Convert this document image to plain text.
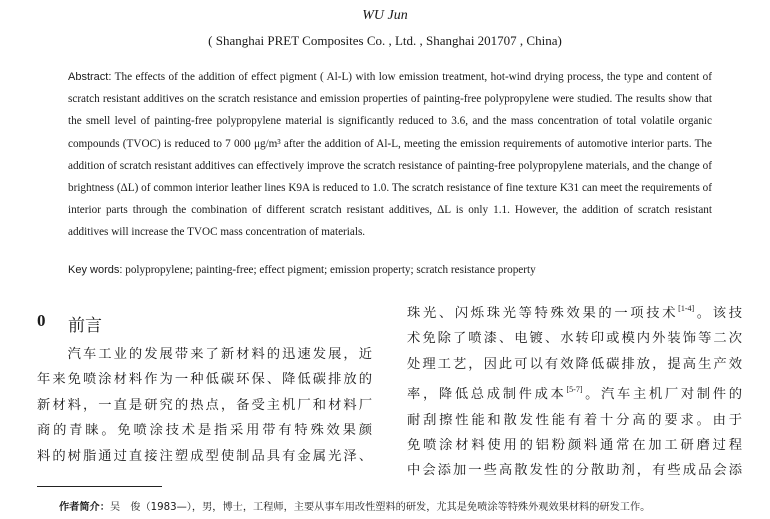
WU Jun
( Shanghai PRET Composites Co. , Ltd. , Shanghai 201707 , China)
Abstract: The effects of the addition of effect pigment ( Al-L) with low emission treatment, hot-wind drying process, the type and content of scratch resistant additives on the scratch resistance and emission properties of painting-free polypropylene were studied. The results show that the smell level of painting-free polypropylene material is significantly reduced to 3.6, and the mass concentration of total volatile organic compounds (TVOC) is reduced to 7 000 μg/m³ after the addition of Al-L, meeting the emission requirements of automotive interior parts. The addition of scratch resistant additives can effectively improve the scratch resistance of painting-free polypropylene materials, and the change of brightness (ΔL) of common interior leather lines K9A is reduced to 1.0. The scratch resistance of fine texture K31 can meet the requirements of interior parts through the combination of different scratch resistant additives, ΔL is only 1.1. However, the addition of scratch resistant additives will increase the TVOC mass concentration of materials.
Key words: polypropylene; painting-free; effect pigment; emission property; scratch resistance property
0 前言
　　汽车工业的发展带来了新材料的迅速发展，近
年来免喷涂材料作为一种低碳环保、降低碳排放的
新材料，一直是研究的热点，备受主机厂和材料厂
商的青睐。免喷涂技术是指采用带有特殊效果颜
料的树脂通过直接注塑成型使制品具有金属光泽、
珠光、闪烁珠光等特殊效果的一项技术[1-4]。该技
术免除了喷漆、电镀、水转印或模内外装饰等二次
处理工艺，因此可以有效降低碳排放，提高生产效
率，降低总成制件成本[5-7]。汽车主机厂对制件的
耐刮擦性能和散发性能有着十分高的要求。由于
免喷涂材料使用的铝粉颜料通常在加工研磨过程
中会添加一些高散发性的分散助剂，有些成品会添
作者简介：吴　俊（1983—），男，博士，工程师，主要从事车用改性塑料的研发，尤其是免喷涂等特殊外观效果材料的研发工作。
